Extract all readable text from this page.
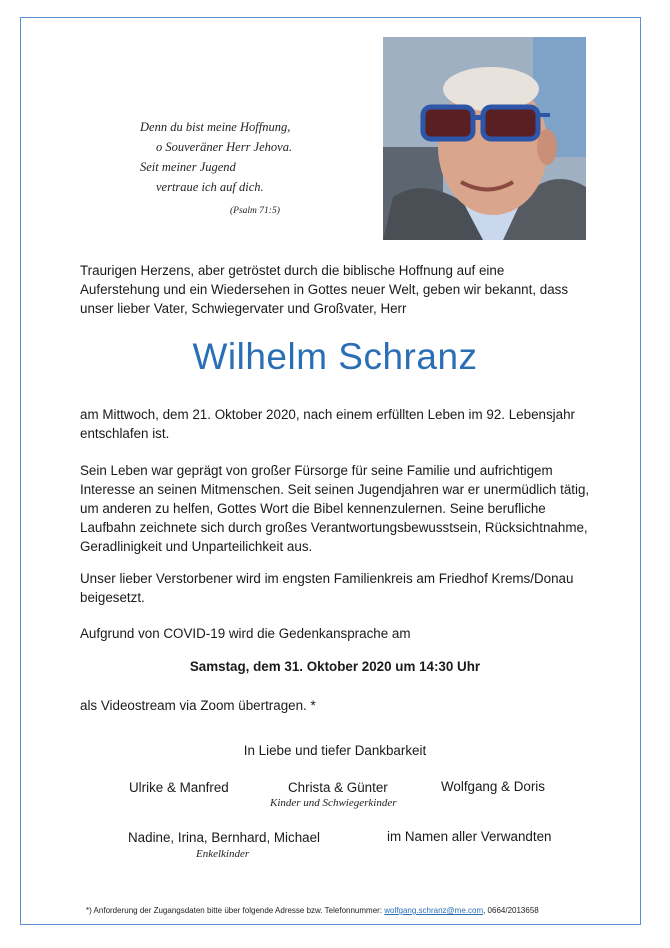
Denn du bist meine Hoffnung,
o Souveräner Herr Jehova.
Seit meiner Jugend
vertraue ich auf dich.
(Psalm 71:5)
Traurigen Herzens, aber getröstet durch die biblische Hoffnung auf eine Auferstehung und ein Wiedersehen in Gottes neuer Welt, geben wir bekannt, dass unser lieber Vater, Schwiegervater und Großvater, Herr
Wilhelm Schranz
am Mittwoch, dem 21. Oktober 2020, nach einem erfüllten Leben im 92. Lebensjahr entschlafen ist.
Sein Leben war geprägt von großer Fürsorge für seine Familie und aufrichtigem Interesse an seinen Mitmenschen. Seit seinen Jugendjahren war er unermüdlich tätig, um anderen zu helfen, Gottes Wort die Bibel kennenzulernen. Seine berufliche Laufbahn zeichnete sich durch großes Verantwortungsbewusstsein, Rücksichtnahme, Geradlinigkeit und Unparteilichkeit aus.
Unser lieber Verstorbener wird im engsten Familienkreis am Friedhof Krems/Donau beigesetzt.
Aufgrund von COVID-19 wird die Gedenkansprache am
Samstag, dem 31. Oktober 2020 um 14:30 Uhr
als Videostream via Zoom übertragen. *
In Liebe und tiefer Dankbarkeit
Ulrike & Manfred	Christa & Günter	Wolfgang & Doris
Kinder und Schwiegerkinder
Nadine, Irina, Bernhard, Michael
Enkelkinder
im Namen aller Verwandten
*) Anforderung der Zugangsdaten bitte über folgende Adresse bzw. Telefonnummer: wolfgang.schranz@me.com, 0664/2013658
